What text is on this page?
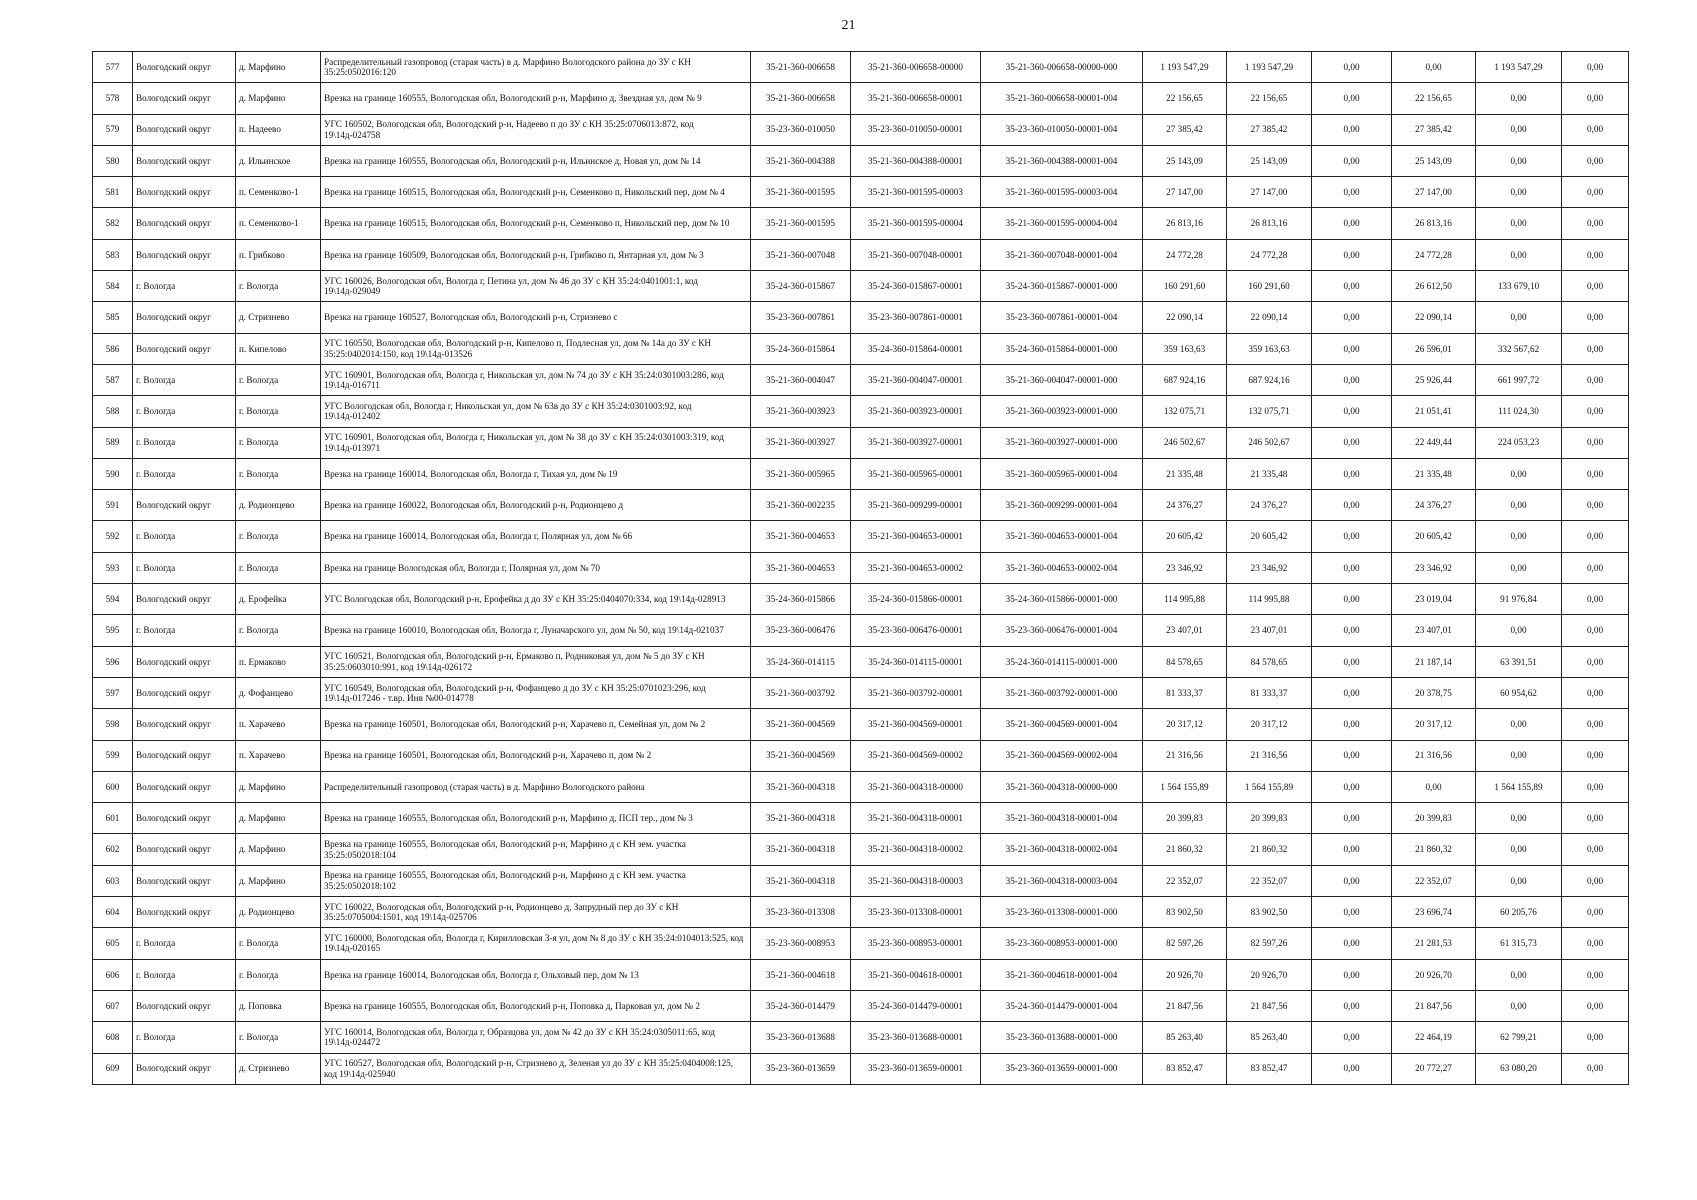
21
577	Вологодский округ	д. Марфино	Распределительный газопровод (старая часть) в д. Марфино Вологодского района до ЗУ с КН 35:25:0502016:120	35-21-360-006658	35-21-360-006658-00000	35-21-360-006658-00000-000	1 193 547,29	1 193 547,29	0,00	0,00	1 193 547,29	0,00
578	Вологодский округ	д. Марфино	Врезка на границе 160555, Вологодская обл, Вологодский р-н, Марфино д, Звездная ул, дом № 9	35-21-360-006658	35-21-360-006658-00001	35-21-360-006658-00001-004	22 156,65	22 156,65	0,00	22 156,65	0,00	0,00
579	Вологодский округ	п. Надеево	УГС 160502, Вологодская обл, Вологодский р-н, Надеево п до ЗУ с КН 35:25:0706013:872, код 19\14д-024758	35-23-360-010050	35-23-360-010050-00001	35-23-360-010050-00001-004	27 385,42	27 385,42	0,00	27 385,42	0,00	0,00
580	Вологодский округ	д. Ильинское	Врезка на границе 160555, Вологодская обл, Вологодский р-н, Ильинское д, Новая ул, дом № 14	35-21-360-004388	35-21-360-004388-00001	35-21-360-004388-00001-004	25 143,09	25 143,09	0,00	25 143,09	0,00	0,00
581	Вологодский округ	п. Семенково-1	Врезка на границе 160515, Вологодская обл, Вологодский р-н, Семенково п, Никольский пер, дом № 4	35-21-360-001595	35-21-360-001595-00003	35-21-360-001595-00003-004	27 147,00	27 147,00	0,00	27 147,00	0,00	0,00
582	Вологодский округ	п. Семенково-1	Врезка на границе 160515, Вологодская обл, Вологодский р-н, Семенково п, Никольский пер, дом № 10	35-21-360-001595	35-21-360-001595-00004	35-21-360-001595-00004-004	26 813,16	26 813,16	0,00	26 813,16	0,00	0,00
583	Вологодский округ	п. Грибково	Врезка на границе 160509, Вологодская обл, Вологодский р-н, Грибково п, Янтарная ул, дом № 3	35-21-360-007048	35-21-360-007048-00001	35-21-360-007048-00001-004	24 772,28	24 772,28	0,00	24 772,28	0,00	0,00
584	г. Вологда	г. Вологда	УГС 160026, Вологодская обл, Вологда г, Петина ул, дом № 46 до ЗУ с КН 35:24:0401001:1, код 19\14д-029049	35-24-360-015867	35-24-360-015867-00001	35-24-360-015867-00001-000	160 291,60	160 291,60	0,00	26 612,50	133 679,10	0,00
585	Вологодский округ	д. Стризнево	Врезка на границе 160527, Вологодская обл, Вологодский р-н, Стризнево с	35-23-360-007861	35-23-360-007861-00001	35-23-360-007861-00001-004	22 090,14	22 090,14	0,00	22 090,14	0,00	0,00
586	Вологодский округ	п. Кипелово	УГС 160550, Вологодская обл, Вологодский р-н, Кипелово п, Подлесная ул, дом № 14а до ЗУ с КН 35:25:0402014:150, код 19\14д-013526	35-24-360-015864	35-24-360-015864-00001	35-24-360-015864-00001-000	359 163,63	359 163,63	0,00	26 596,01	332 567,62	0,00
587	г. Вологда	г. Вологда	УГС 160901, Вологодская обл, Вологда г, Никольская ул, дом № 74 до ЗУ с КН 35:24:0301003:286, код 19\14д-016711	35-21-360-004047	35-21-360-004047-00001	35-21-360-004047-00001-000	687 924,16	687 924,16	0,00	25 926,44	661 997,72	0,00
588	г. Вологда	г. Вологда	УГС Вологодская обл, Вологда г, Никольская ул, дом № 63в до ЗУ с КН 35:24:0301003:92, код 19\14д-012402	35-21-360-003923	35-21-360-003923-00001	35-21-360-003923-00001-000	132 075,71	132 075,71	0,00	21 051,41	111 024,30	0,00
589	г. Вологда	г. Вологда	УГС 160901, Вологодская обл, Вологда г, Никольская ул, дом № 38 до ЗУ с КН 35:24:0301003:319, код 19\14д-013971	35-21-360-003927	35-21-360-003927-00001	35-21-360-003927-00001-000	246 502,67	246 502,67	0,00	22 449,44	224 053,23	0,00
590	г. Вологда	г. Вологда	Врезка на границе 160014, Вологодская обл, Вологда г, Тихая ул, дом № 19	35-21-360-005965	35-21-360-005965-00001	35-21-360-005965-00001-004	21 335,48	21 335,48	0,00	21 335,48	0,00	0,00
591	Вологодский округ	д. Родионцево	Врезка на границе 160022, Вологодская обл, Вологодский р-н, Родионцево д	35-21-360-002235	35-21-360-009299-00001	35-21-360-009299-00001-004	24 376,27	24 376,27	0,00	24 376,27	0,00	0,00
592	г. Вологда	г. Вологда	Врезка на границе 160014, Вологодская обл, Вологда г, Полярная ул, дом № 66	35-21-360-004653	35-21-360-004653-00001	35-21-360-004653-00001-004	20 605,42	20 605,42	0,00	20 605,42	0,00	0,00
593	г. Вологда	г. Вологда	Врезка на границе Вологодская обл, Вологда г, Полярная ул, дом № 70	35-21-360-004653	35-21-360-004653-00002	35-21-360-004653-00002-004	23 346,92	23 346,92	0,00	23 346,92	0,00	0,00
594	Вологодский округ	д. Ерофейка	УГС Вологодская обл, Вологодский р-н, Ерофейка д до ЗУ с КН 35:25:0404070:334, код 19\14д-028913	35-24-360-015866	35-24-360-015866-00001	35-24-360-015866-00001-000	114 995,88	114 995,88	0,00	23 019,04	91 976,84	0,00
595	г. Вологда	г. Вологда	Врезка на границе 160010, Вологодская обл, Вологда г, Луначарского ул, дом № 50, код 19\14д-021037	35-23-360-006476	35-23-360-006476-00001	35-23-360-006476-00001-004	23 407,01	23 407,01	0,00	23 407,01	0,00	0,00
596	Вологодский округ	п. Ермаково	УГС 160521, Вологодская обл, Вологодский р-н, Ермаково п, Родниковая ул, дом № 5 до ЗУ с КН 35:25:0603010:991, код 19\14д-026172	35-24-360-014115	35-24-360-014115-00001	35-24-360-014115-00001-000	84 578,65	84 578,65	0,00	21 187,14	63 391,51	0,00
597	Вологодский округ	д. Фофанцево	УГС 160549, Вологодская обл, Вологодский р-н, Фофанцево д до ЗУ с КН 35:25:0701023:296, код 19\14д-017246 - т.вр. Инв №00-014778	35-21-360-003792	35-21-360-003792-00001	35-21-360-003792-00001-000	81 333,37	81 333,37	0,00	20 378,75	60 954,62	0,00
598	Вологодский округ	п. Харачево	Врезка на границе 160501, Вологодская обл, Вологодский р-н, Харачево п, Семейная ул, дом № 2	35-21-360-004569	35-21-360-004569-00001	35-21-360-004569-00001-004	20 317,12	20 317,12	0,00	20 317,12	0,00	0,00
599	Вологодский округ	п. Харачево	Врезка на границе 160501, Вологодская обл, Вологодский р-н, Харачево п, дом № 2	35-21-360-004569	35-21-360-004569-00002	35-21-360-004569-00002-004	21 316,56	21 316,56	0,00	21 316,56	0,00	0,00
600	Вологодский округ	д. Марфино	Распределительный газопровод (старая часть) в д. Марфино Вологодского района	35-21-360-004318	35-21-360-004318-00000	35-21-360-004318-00000-000	1 564 155,89	1 564 155,89	0,00	0,00	1 564 155,89	0,00
601	Вологодский округ	д. Марфино	Врезка на границе 160555, Вологодская обл, Вологодский р-н, Марфино д, ПСП тер., дом № 3	35-21-360-004318	35-21-360-004318-00001	35-21-360-004318-00001-004	20 399,83	20 399,83	0,00	20 399,83	0,00	0,00
602	Вологодский округ	д. Марфино	Врезка на границе 160555, Вологодская обл, Вологодский р-н, Марфино д с КН зем. участка 35:25:0502018:104	35-21-360-004318	35-21-360-004318-00002	35-21-360-004318-00002-004	21 860,32	21 860,32	0,00	21 860,32	0,00	0,00
603	Вологодский округ	д. Марфино	Врезка на границе 160555, Вологодская обл, Вологодский р-н, Марфино д с КН зем. участка 35:25:0502018:102	35-21-360-004318	35-21-360-004318-00003	35-21-360-004318-00003-004	22 352,07	22 352,07	0,00	22 352,07	0,00	0,00
604	Вологодский округ	д. Родионцево	УГС 160022, Вологодская обл, Вологодский р-н, Родионцево д, Запрудный пер до ЗУ с КН 35:25:0705004:1501, код 19\14д-025706	35-23-360-013308	35-23-360-013308-00001	35-23-360-013308-00001-000	83 902,50	83 902,50	0,00	23 696,74	60 205,76	0,00
605	г. Вологда	г. Вологда	УГС 160000, Вологодская обл, Вологда г, Кирилловская 3-я ул, дом № 8 до ЗУ с КН 35:24:0104013:525, код 19\14д-020165	35-23-360-008953	35-23-360-008953-00001	35-23-360-008953-00001-000	82 597,26	82 597,26	0,00	21 281,53	61 315,73	0,00
606	г. Вологда	г. Вологда	Врезка на границе 160014, Вологодская обл, Вологда г, Ольховый пер, дом № 13	35-21-360-004618	35-21-360-004618-00001	35-21-360-004618-00001-004	20 926,70	20 926,70	0,00	20 926,70	0,00	0,00
607	Вологодский округ	д. Поповка	Врезка на границе 160555, Вологодская обл, Вологодский р-н, Поповка д, Парковая ул, дом № 2	35-24-360-014479	35-24-360-014479-00001	35-24-360-014479-00001-004	21 847,56	21 847,56	0,00	21 847,56	0,00	0,00
608	г. Вологда	г. Вологда	УГС 160014, Вологодская обл, Вологда г, Образцова ул, дом № 42 до ЗУ с КН 35:24:0305011:65, код 19\14д-024472	35-23-360-013688	35-23-360-013688-00001	35-23-360-013688-00001-000	85 263,40	85 263,40	0,00	22 464,19	62 799,21	0,00
609	Вологодский округ	д. Стризнево	УГС 160527, Вологодская обл, Вологодский р-н, Стризнево д, Зеленая ул до ЗУ с КН 35:25:0404008:125, код 19\14д-025940	35-23-360-013659	35-23-360-013659-00001	35-23-360-013659-00001-000	83 852,47	83 852,47	0,00	20 772,27	63 080,20	0,00
